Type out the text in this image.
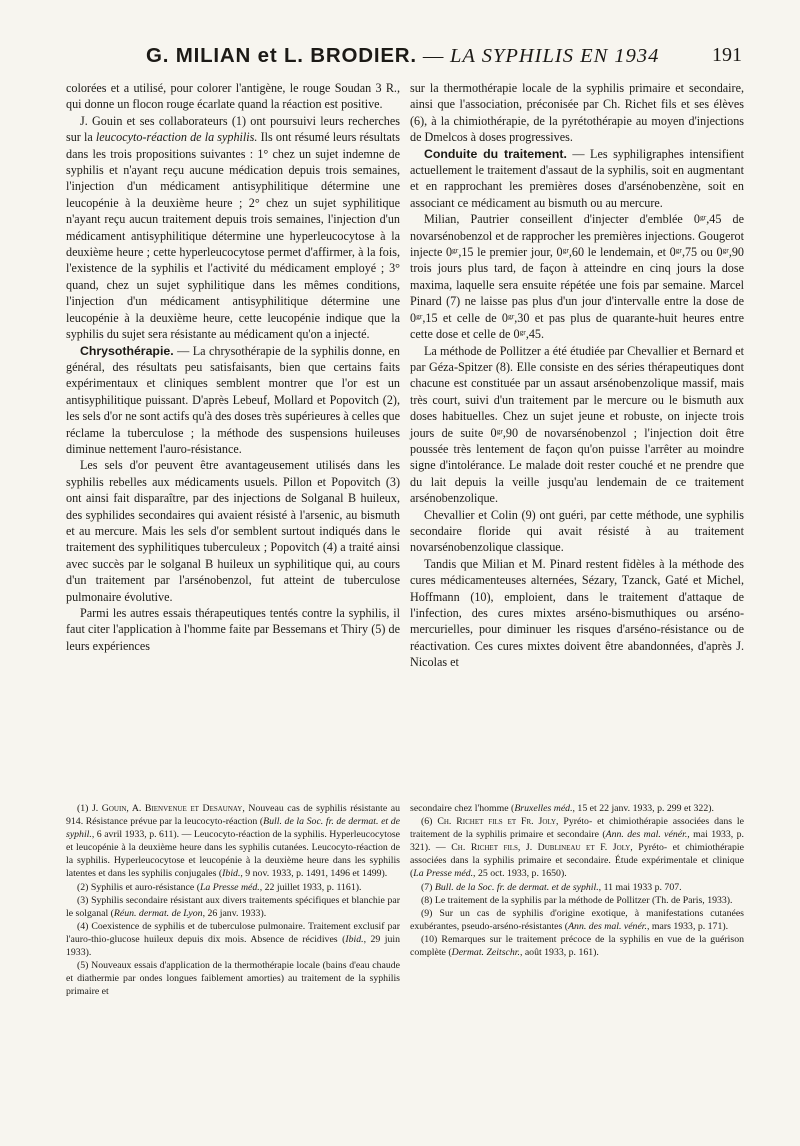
G. MILIAN et L. BRODIER. — LA SYPHILIS EN 1934	191

colorées et a utilisé, pour colorer l'antigène, le rouge Soudan 3 R., qui donne un flocon rouge écarlate quand la réaction est positive.

J. Gouin et ses collaborateurs (1) ont poursuivi leurs recherches sur la leucocyto-réaction de la syphilis. Ils ont résumé leurs résultats dans les trois propositions suivantes : 1° chez un sujet indemne de syphilis et n'ayant reçu aucune médication depuis trois semaines, l'injection d'un médicament antisyphilitique détermine une leucopénie à la deuxième heure ; 2° chez un sujet syphilitique n'ayant reçu aucun traitement depuis trois semaines, l'injection d'un médicament antisyphilitique détermine une hyperleucocytose à la deuxième heure ; cette hyperleucocytose permet d'affirmer, à la fois, l'existence de la syphilis et l'activité du médicament employé ; 3° quand, chez un sujet syphilitique dans les mêmes conditions, l'injection d'un médicament antisyphilitique détermine une leucopénie à la deuxième heure, cette leucopénie indique que la syphilis du sujet sera résistante au médicament qu'on a injecté.

Chrysothérapie. — La chrysothérapie de la syphilis donne, en général, des résultats peu satisfaisants, bien que certains faits expérimentaux et cliniques semblent montrer que l'or est un antisyphilitique puissant. D'après Lebeuf, Mollard et Popovitch (2), les sels d'or ne sont actifs qu'à des doses très supérieures à celles que réclame la tuberculose ; la méthode des suspensions huileuses diminue nettement l'auro-résistance.

Les sels d'or peuvent être avantageusement utilisés dans les syphilis rebelles aux médicaments usuels. Pillon et Popovitch (3) ont ainsi fait disparaître, par des injections de Solganal B huileux, des syphilides secondaires qui avaient résisté à l'arsenic, au bismuth et au mercure. Mais les sels d'or semblent surtout indiqués dans le traitement des syphilitiques tuberculeux ; Popovitch (4) a traité ainsi avec succès par le solganal B huileux un syphilitique qui, au cours d'un traitement par l'arsénobenzol, fut atteint de tuberculose pulmonaire évolutive.

Parmi les autres essais thérapeutiques tentés contre la syphilis, il faut citer l'application à l'homme faite par Bessemans et Thiry (5) de leurs expériences

sur la thermothérapie locale de la syphilis primaire et secondaire, ainsi que l'association, préconisée par Ch. Richet fils et ses élèves (6), à la chimiothérapie, de la pyrétothérapie au moyen d'injections de Dmelcos à doses progressives.

Conduite du traitement. — Les syphiligraphes intensifient actuellement le traitement d'assaut de la syphilis, soit en augmentant et en rapprochant les premières doses d'arsénobenzène, soit en associant ce médicament au bismuth ou au mercure.

Milian, Pautrier conseillent d'injecter d'emblée $0^{gr},45$ de novarsénobenzol et de rapprocher les premières injections. Gougerot injecte $0^{gr},15$ le premier jour, $0^{gr},60$ le lendemain, et $0^{gr},75$ ou $0^{gr},90$ trois jours plus tard, de façon à atteindre en cinq jours la dose maxima, laquelle sera ensuite répétée une fois par semaine. Marcel Pinard (7) ne laisse pas plus d'un jour d'intervalle entre la dose de $0^{gr},15$ et celle de $0^{gr},30$ et pas plus de quarante-huit heures entre cette dose et celle de $0^{gr},45$.

La méthode de Pollitzer a été étudiée par Chevallier et Bernard et par Géza-Spitzer (8). Elle consiste en des séries thérapeutiques dont chacune est constituée par un assaut arsénobenzolique massif, mais très court, suivi d'un traitement par le mercure ou le bismuth aux doses habituelles. Chez un sujet jeune et robuste, on injecte trois jours de suite $0^{gr},90$ de novarsénobenzol ; l'injection doit être poussée très lentement de façon qu'on puisse l'arrêter au moindre signe d'intolérance. Le malade doit rester couché et ne prendre que du lait depuis la veille jusqu'au lendemain de ce traitement arsénobenzolique.

Chevallier et Colin (9) ont guéri, par cette méthode, une syphilis secondaire floride qui avait résisté à au traitement novarsénobenzolique classique.

Tandis que Milian et M. Pinard restent fidèles à la méthode des cures médicamenteuses alternées, Sézary, Tzanck, Gaté et Michel, Hoffmann (10), emploient, dans le traitement d'attaque de l'infection, des cures mixtes arséno-bismuthiques ou arséno-mercurielles, pour diminuer les risques d'arséno-résistance ou de réactivation. Ces cures mixtes doivent être abandonnées, d'après J. Nicolas et

(1) J. Gouin, A. Bienvenue et Desaunay, Nouveau cas de syphilis résistante au 914. Résistance prévue par la leucocyto-réaction (Bull. de la Soc. fr. de dermat. et de syphil., 6 avril 1933, p. 611). — Leucocyto-réaction de la syphilis. Hyperleucocytose et leucopénie à la deuxième heure dans les syphilis cutanées. Leucocyto-réaction de la syphilis. Hyperleucocytose et leucopénie à la deuxième heure dans les syphilis latentes et dans les syphilis conjugales (Ibid., 9 nov. 1933, p. 1491, 1496 et 1499).

(2) Syphilis et auro-résistance (La Presse méd., 22 juillet 1933, p. 1161).

(3) Syphilis secondaire résistant aux divers traitements spécifiques et blanchie par le solganal (Réun. dermat. de Lyon, 26 janv. 1933).

(4) Coexistence de syphilis et de tuberculose pulmonaire. Traitement exclusif par l'auro-thio-glucose huileux depuis dix mois. Absence de récidives (Ibid., 29 juin 1933).

(5) Nouveaux essais d'application de la thermothérapie locale (bains d'eau chaude et diathermie par ondes longues faiblement amorties) au traitement de la syphilis primaire et

secondaire chez l'homme (Bruxelles méd., 15 et 22 janv. 1933, p. 299 et 322).

(6) Ch. Richet fils et Fr. Joly, Pyréto- et chimiothérapie associées dans le traitement de la syphilis primaire et secondaire (Ann. des mal. vénér., mai 1933, p. 321). — Ch. Richet fils, J. Dublineau et F. Joly, Pyréto- et chimiothérapie associées dans la syphilis primaire et secondaire. Étude expérimentale et clinique (La Presse méd., 25 oct. 1933, p. 1650).

(7) Bull. de la Soc. fr. de dermat. et de syphil., 11 mai 1933 p. 707.

(8) Le traitement de la syphilis par la méthode de Pollitzer (Th. de Paris, 1933).

(9) Sur un cas de syphilis d'origine exotique, à manifestations cutanées exubérantes, pseudo-arséno-résistantes (Ann. des mal. vénér., mars 1933, p. 171).

(10) Remarques sur le traitement précoce de la syphilis en vue de la guérison complète (Dermat. Zeitschr., août 1933, p. 161).
